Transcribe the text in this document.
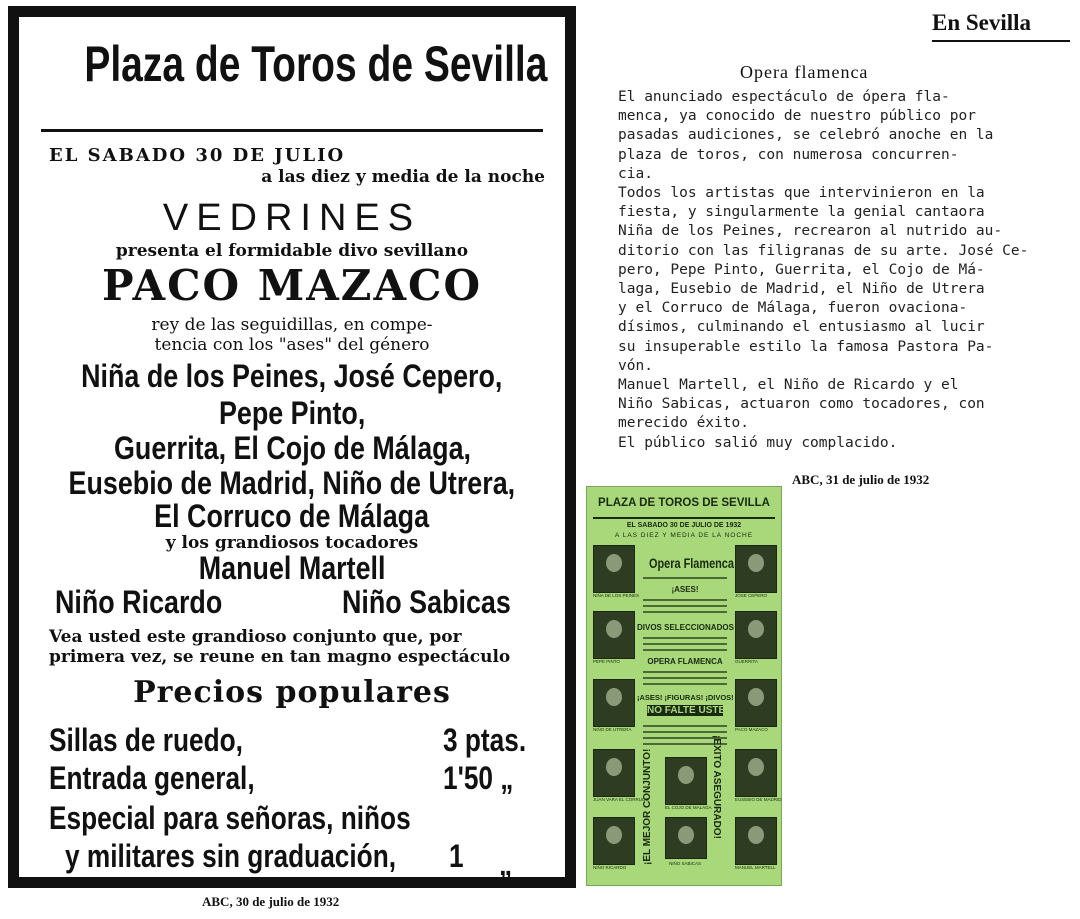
Plaza de Toros de Sevilla
EL SABADO 30 DE JULIO
a las diez y media de la noche
VEDRINES
presenta el formidable divo sevillano
PACO MAZACO
rey de las seguidillas, en compe-
tencia con los "ases" del género
Niña de los Peines, José Cepero,
Pepe Pinto,
Guerrita, El Cojo de Málaga,
Eusebio de Madrid, Niño de Utrera,
El Corruco de Málaga
y los grandiosos tocadores
Manuel Martell
Niño Ricardo	Niño Sabicas
Vea usted este grandioso conjunto que, por
primera vez, se reune en tan magno espectáculo
Precios populares
Sillas de ruedo,	3 ptas.
Entrada general,	1'50 „
Especial para señoras, niños
y militares sin graduación,	1 „
ABC, 30 de julio de 1932
En Sevilla
Opera flamenca
El anunciado espectáculo de ópera fla-
menca, ya conocido de nuestro público por
pasadas audiciones, se celebró anoche en la
plaza de toros, con numerosa concurren-
cia.
Todos los artistas que intervinieron en la
fiesta, y singularmente la genial cantaora
Niña de los Peines, recrearon al nutrido au-
ditorio con las filigranas de su arte. José Ce-
pero, Pepe Pinto, Guerrita, el Cojo de Má-
laga, Eusebio de Madrid, el Niño de Utrera
y el Corruco de Málaga, fueron ovaciona-
dísimos, culminando el entusiasmo al lucir
su insuperable estilo la famosa Pastora Pa-
vón.
Manuel Martell, el Niño de Ricardo y el
Niño Sabicas, actuaron como tocadores, con
merecido éxito.
El público salió muy complacido.
ABC, 31 de julio de 1932
PLAZA DE TOROS DE SEVILLA
EL SABADO 30 DE JULIO DE 1932
A LAS DIEZ Y MEDIA DE LA NOCHE
NIÑA DE LOS PEINES
PEPE PINTO
NIÑO DE UTRERA
JUAN VARA EL CORRUCO
NIÑO RICARDO
JOSE CEPERO
GUERRITA
PACO MAZACO
EUSEBIO DE MADRID
MANUEL MARTELL
Opera Flamenca
¡ASES!
DIVOS SELECCIONADOS
OPERA FLAMENCA
¡ASES! ¡FIGURAS! ¡DIVOS!
NO FALTE USTED
EL COJO DE MALAGA
NIÑO SABICAS
¡EL MEJOR CONJUNTO!	¡EXITO ASEGURADO!
